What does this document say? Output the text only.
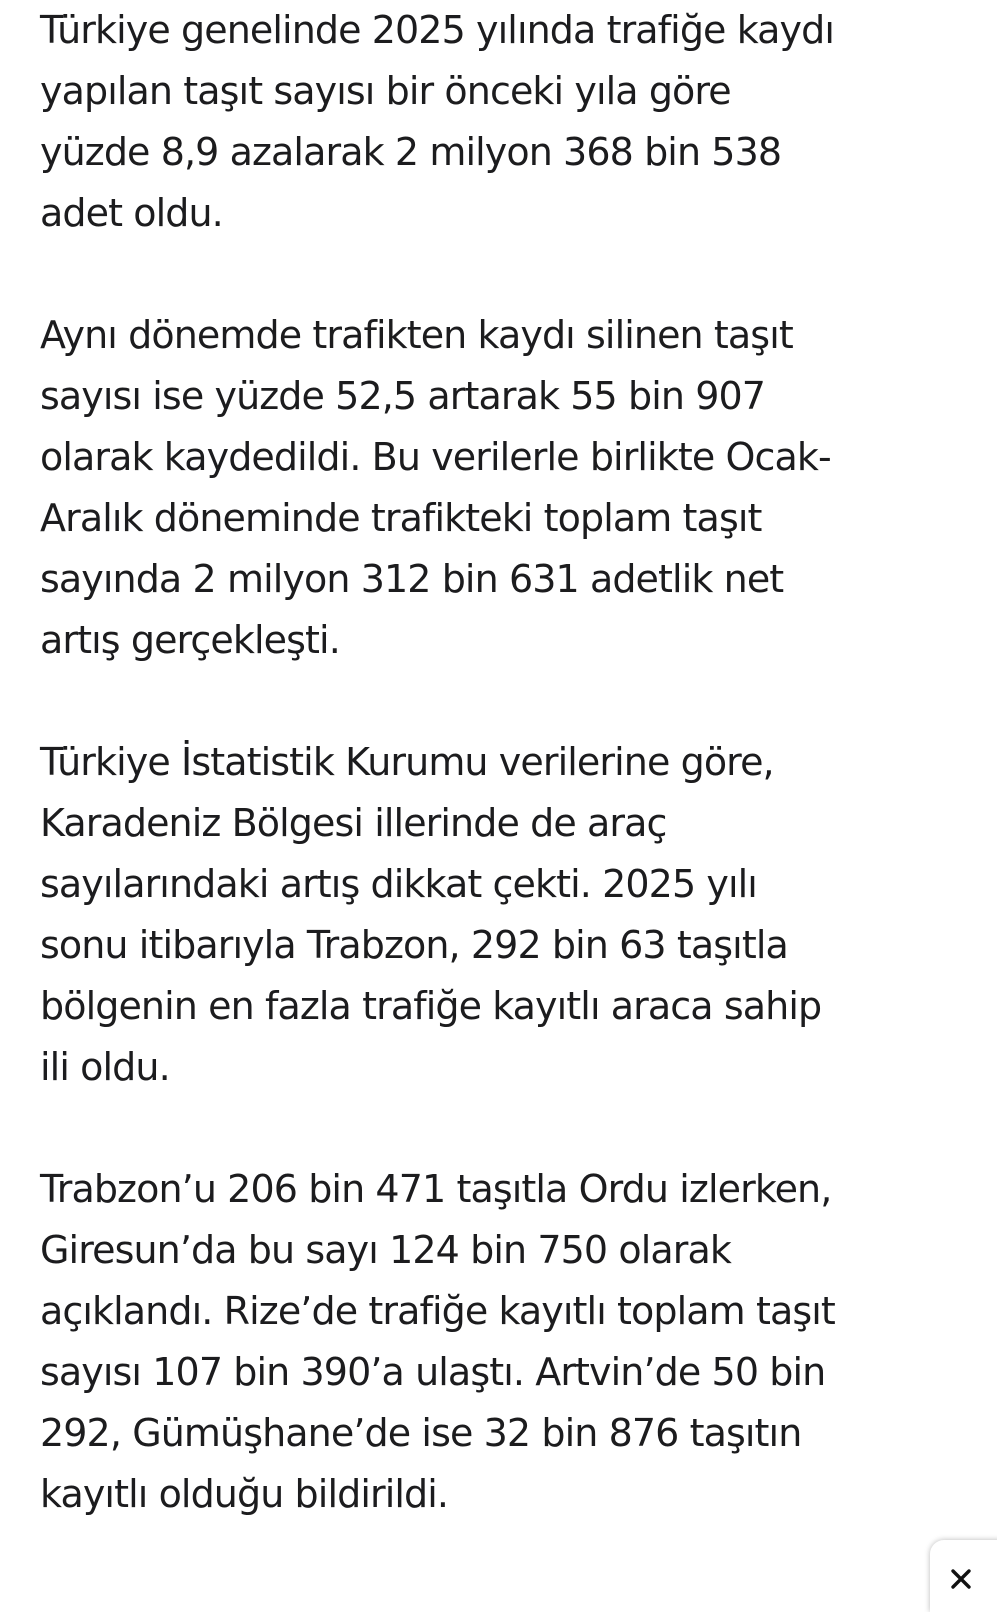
Türkiye genelinde 2025 yılında trafiğe kaydı
yapılan taşıt sayısı bir önceki yıla göre
yüzde 8,9 azalarak 2 milyon 368 bin 538
adet oldu.

Aynı dönemde trafikten kaydı silinen taşıt
sayısı ise yüzde 52,5 artarak 55 bin 907
olarak kaydedildi. Bu verilerle birlikte Ocak-
Aralık döneminde trafikteki toplam taşıt
sayında 2 milyon 312 bin 631 adetlik net
artış gerçekleşti.

Türkiye İstatistik Kurumu verilerine göre,
Karadeniz Bölgesi illerinde de araç
sayılarındaki artış dikkat çekti. 2025 yılı
sonu itibarıyla Trabzon, 292 bin 63 taşıtla
bölgenin en fazla trafiğe kayıtlı araca sahip
ili oldu.

Trabzon’u 206 bin 471 taşıtla Ordu izlerken,
Giresun’da bu sayı 124 bin 750 olarak
açıklandı. Rize’de trafiğe kayıtlı toplam taşıt
sayısı 107 bin 390’a ulaştı. Artvin’de 50 bin
292, Gümüşhane’de ise 32 bin 876 taşıtın
kayıtlı olduğu bildirildi.
